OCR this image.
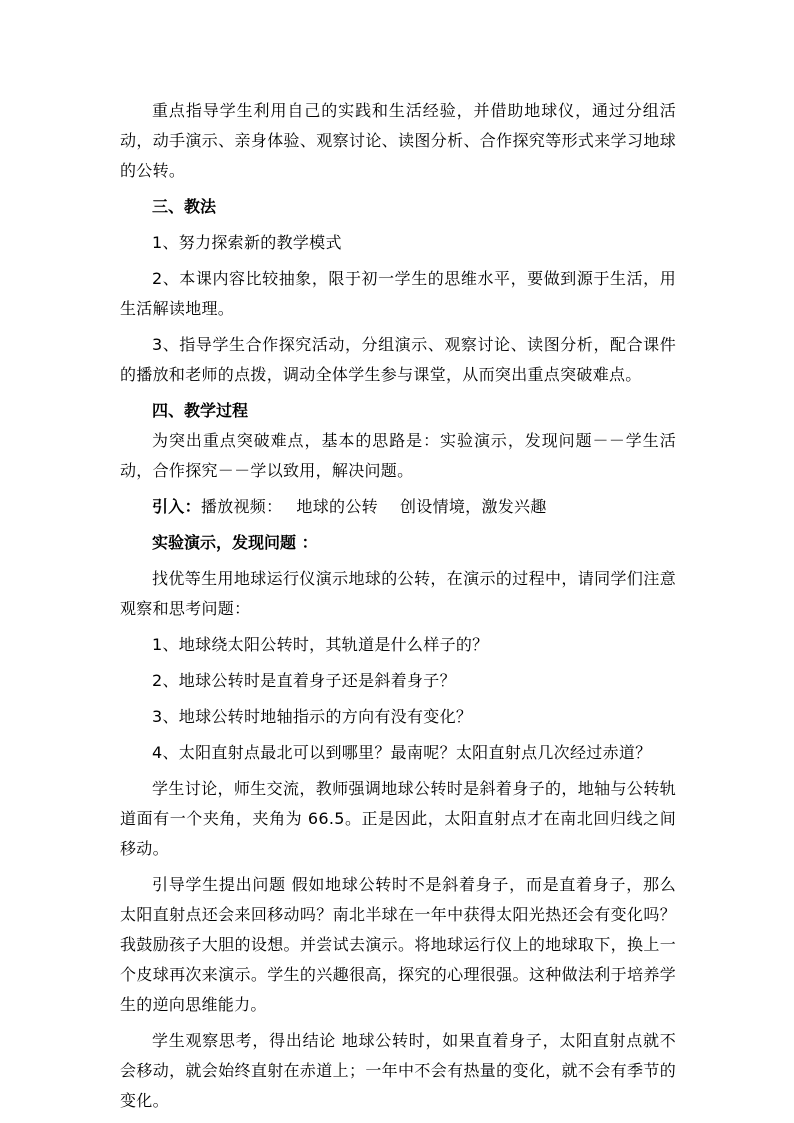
重点指导学生利用自己的实践和生活经验，并借助地球仪，通过分组活动，动手演示、亲身体验、观察讨论、读图分析、合作探究等形式来学习地球的公转。

三、教法

1、努力探索新的教学模式

2、本课内容比较抽象，限于初一学生的思维水平，要做到源于生活，用生活解读地理。

3、指导学生合作探究活动，分组演示、观察讨论、读图分析，配合课件的播放和老师的点拨，调动全体学生参与课堂，从而突出重点突破难点。

四、教学过程

为突出重点突破难点，基本的思路是：实验演示，发现问题－－学生活动，合作探究－－学以致用，解决问题。

引入：播放视频： 地球的公转 创设情境，激发兴趣

实验演示，发现问题 ：

找优等生用地球运行仪演示地球的公转，在演示的过程中，请同学们注意观察和思考问题：

1、地球绕太阳公转时，其轨道是什么样子的？

2、地球公转时是直着身子还是斜着身子？

3、地球公转时地轴指示的方向有没有变化？

4、太阳直射点最北可以到哪里？最南呢？太阳直射点几次经过赤道？

学生讨论，师生交流，教师强调地球公转时是斜着身子的，地轴与公转轨道面有一个夹角，夹角为 66.5。正是因此，太阳直射点才在南北回归线之间移动。

引导学生提出问题 假如地球公转时不是斜着身子，而是直着身子，那么太阳直射点还会来回移动吗？南北半球在一年中获得太阳光热还会有变化吗？我鼓励孩子大胆的设想。并尝试去演示。将地球运行仪上的地球取下，换上一个皮球再次来演示。学生的兴趣很高，探究的心理很强。这种做法利于培养学生的逆向思维能力。

学生观察思考，得出结论 地球公转时，如果直着身子，太阳直射点就不会移动，就会始终直射在赤道上；一年中不会有热量的变化，就不会有季节的变化。
